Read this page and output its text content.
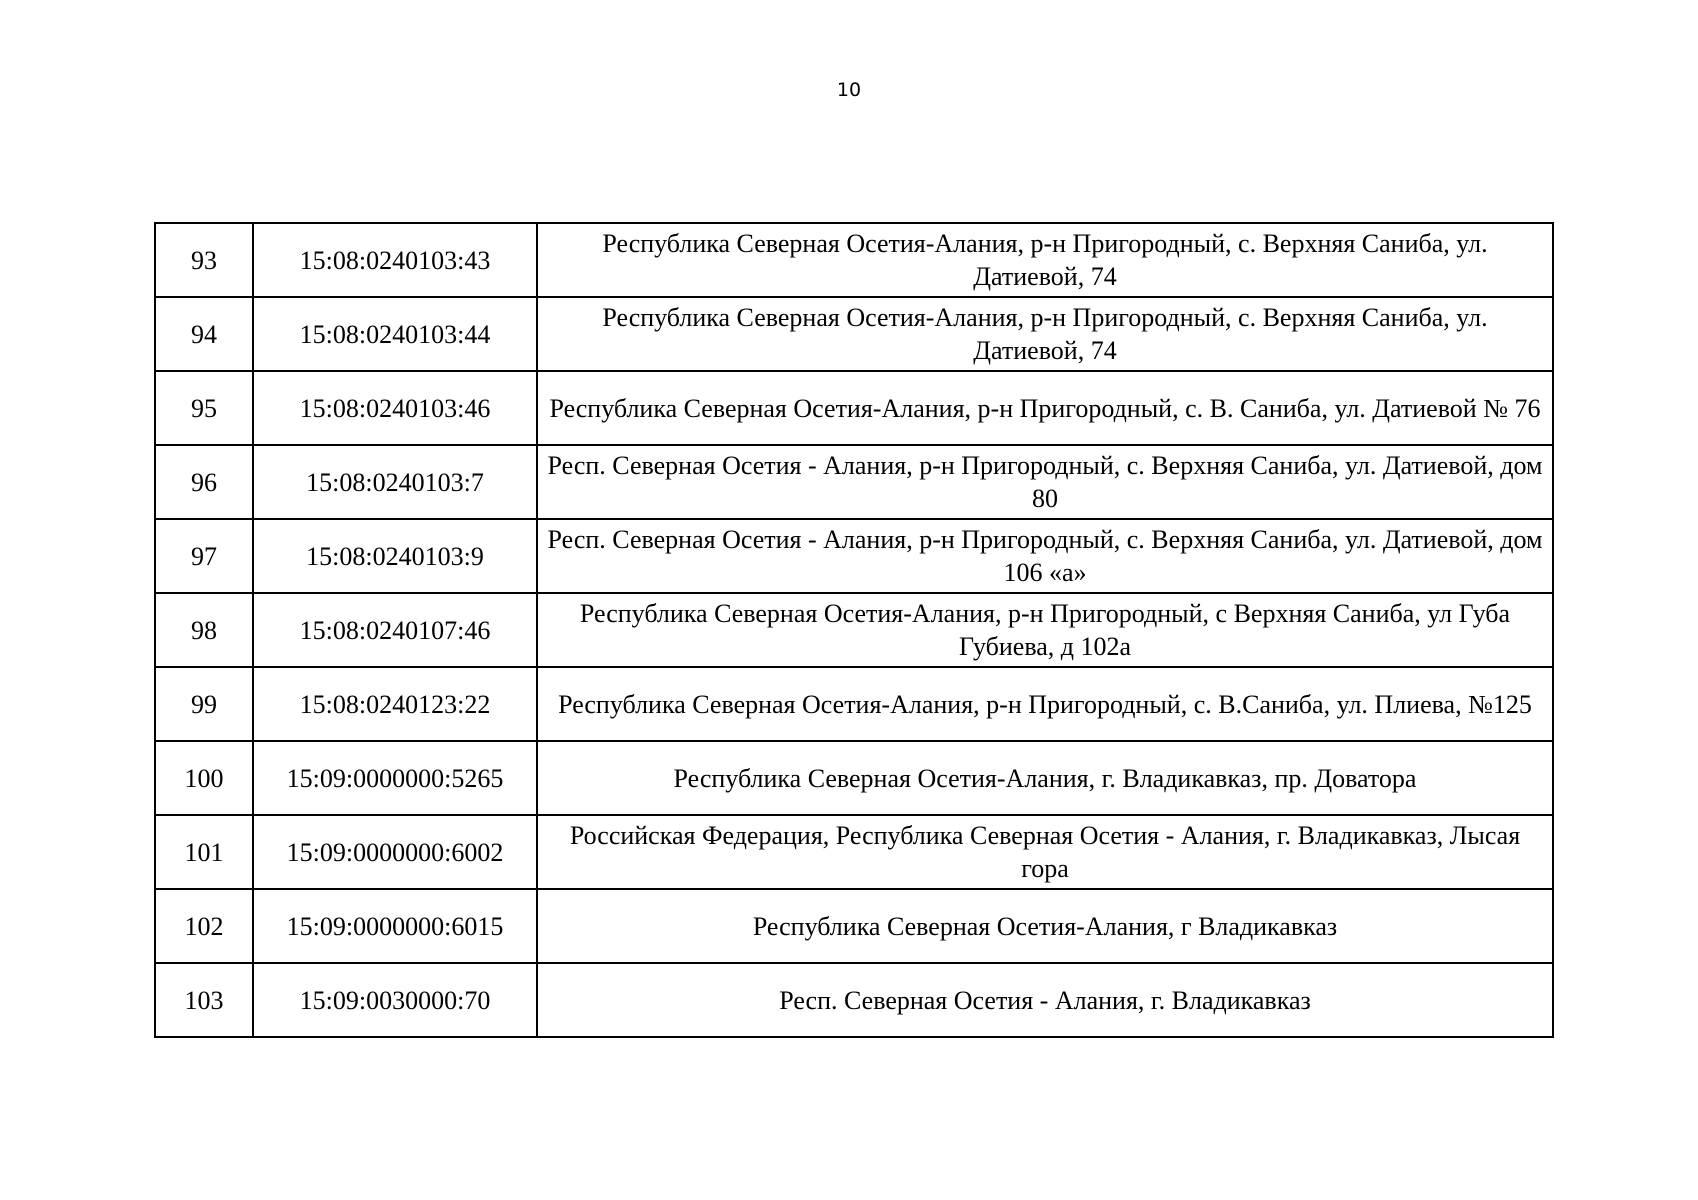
10
93	15:08:0240103:43	Республика Северная Осетия-Алания, р-н Пригородный, с. Верхняя Саниба, ул. Датиевой, 74
94	15:08:0240103:44	Республика Северная Осетия-Алания, р-н Пригородный, с. Верхняя Саниба, ул. Датиевой, 74
95	15:08:0240103:46	Республика Северная Осетия-Алания, р-н Пригородный, с. В. Саниба, ул. Датиевой № 76
96	15:08:0240103:7	Респ. Северная Осетия - Алания, р-н Пригородный, с. Верхняя Саниба, ул. Датиевой, дом 80
97	15:08:0240103:9	Респ. Северная Осетия - Алания, р-н Пригородный, с. Верхняя Саниба, ул. Датиевой, дом 106 «а»
98	15:08:0240107:46	Республика Северная Осетия-Алания, р-н Пригородный, с Верхняя Саниба, ул Губа Губиева, д 102а
99	15:08:0240123:22	Республика Северная Осетия-Алания, р-н Пригородный, с. В.Саниба, ул. Плиева, №125
100	15:09:0000000:5265	Республика Северная Осетия-Алания, г. Владикавказ, пр. Доватора
101	15:09:0000000:6002	Российская Федерация, Республика Северная Осетия - Алания, г. Владикавказ, Лысая гора
102	15:09:0000000:6015	Республика Северная Осетия-Алания, г Владикавказ
103	15:09:0030000:70	Респ. Северная Осетия - Алания, г. Владикавказ
